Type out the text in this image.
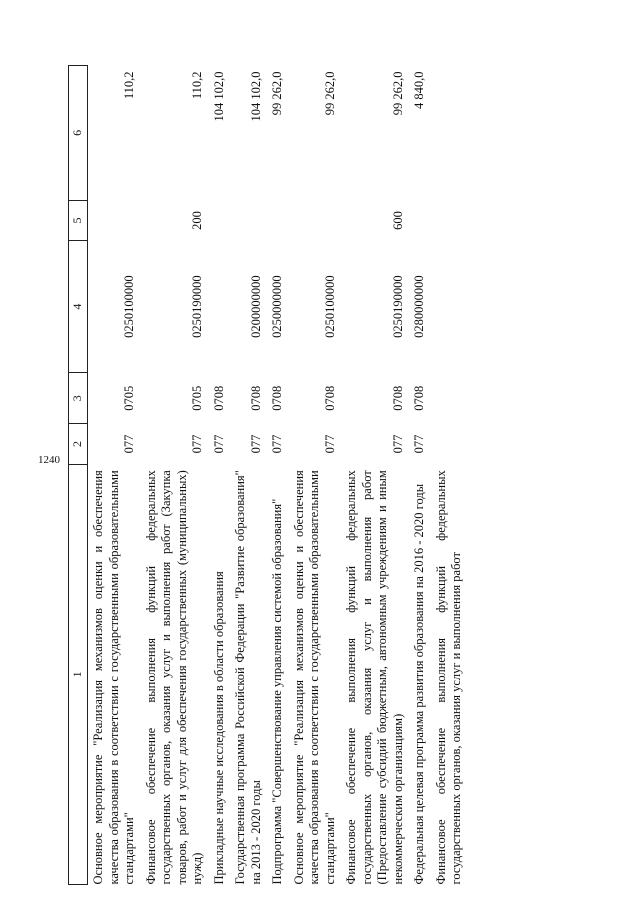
1240
1	2	3	4	5	6
Основное мероприятие "Реализация механизмов оценки и обеспечения качества образования в соответствии с государственными образовательными стандартами"	077	0705	0250100000		110,2
Финансовое обеспечение выполнения функций федеральных государственных органов, оказания услуг и выполнения работ (Закупка товаров, работ и услуг для обеспечения государственных (муниципальных) нужд)	077	0705	0250190000	200	110,2
Прикладные научные исследования в области образования	077	0708			104 102,0
Государственная программа Российской Федерации "Развитие образования" на 2013 - 2020 годы	077	0708	0200000000		104 102,0
Подпрограмма "Совершенствование управления системой образования"	077	0708	0250000000		99 262,0
Основное мероприятие "Реализация механизмов оценки и обеспечения качества образования в соответствии с государственными образовательными стандартами"	077	0708	0250100000		99 262,0
Финансовое обеспечение выполнения функций федеральных государственных органов, оказания услуг и выполнения работ (Предоставление субсидий бюджетным, автономным учреждениям и иным некоммерческим организациям)	077	0708	0250190000	600	99 262,0
Федеральная целевая программа развития образования на 2016 - 2020 годы	077	0708	0280000000		4 840,0
Финансовое обеспечение выполнения функций федеральных государственных органов, оказания услуг и выполнения работ					
